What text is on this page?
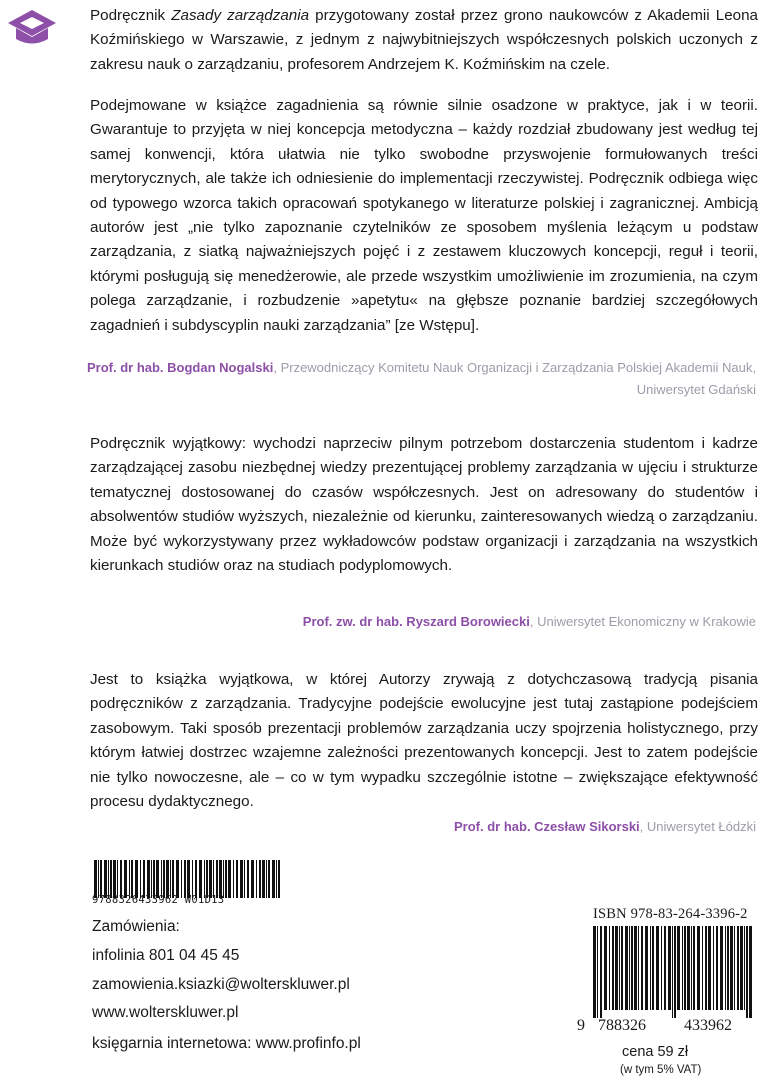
Podręcznik Zasady zarządzania przygotowany został przez grono naukowców z Akademii Leona Koźmińskiego w Warszawie, z jednym z najwybitniejszych współczesnych polskich uczonych z zakresu nauk o zarządzaniu, profesorem Andrzejem K. Koźmińskim na czele.

Podejmowane w książce zagadnienia są równie silnie osadzone w praktyce, jak i w teorii. Gwarantuje to przyjęta w niej koncepcja metodyczna – każdy rozdział zbudowany jest według tej samej konwencji, która ułatwia nie tylko swobodne przyswojenie formułowanych treści merytorycznych, ale także ich odniesienie do implementacji rzeczywistej. Podręcznik odbiega więc od typowego wzorca takich opracowań spotykanego w literaturze polskiej i zagranicznej. Ambicją autorów jest „nie tylko zapoznanie czytelników ze sposobem myślenia leżącym u podstaw zarządzania, z siatką najważniejszych pojęć i z zestawem kluczowych koncepcji, reguł i teorii, którymi posługują się menedżerowie, ale przede wszystkim umożliwienie im zrozumienia, na czym polega zarządzanie, i rozbudzenie »apetytu« na głębsze poznanie bardziej szczegółowych zagadnień i subdyscyplin nauki zarządzania” [ze Wstępu].

Prof. dr hab. Bogdan Nogalski, Przewodniczący Komitetu Nauk Organizacji i Zarządzania Polskiej Akademii Nauk, Uniwersytet Gdański

Podręcznik wyjątkowy: wychodzi naprzeciw pilnym potrzebom dostarczenia studentom i kadrze zarządzającej zasobu niezbędnej wiedzy prezentującej problemy zarządzania w ujęciu i strukturze tematycznej dostosowanej do czasów współczesnych. Jest on adresowany do studentów i absolwentów studiów wyższych, niezależnie od kierunku, zainteresowanych wiedzą o zarządzaniu. Może być wykorzystywany przez wykładowców podstaw organizacji i zarządzania na wszystkich kierunkach studiów oraz na studiach podyplomowych.

Prof. zw. dr hab. Ryszard Borowiecki, Uniwersytet Ekonomiczny w Krakowie

Jest to książka wyjątkowa, w której Autorzy zrywają z dotychczasową tradycją pisania podręczników z zarządzania. Tradycyjne podejście ewolucyjne jest tutaj zastąpione podejściem zasobowym. Taki sposób prezentacji problemów zarządzania uczy spojrzenia holistycznego, przy którym łatwiej dostrzec wzajemne zależności prezentowanych koncepcji. Jest to zatem podejście nie tylko nowoczesne, ale – co w tym wypadku szczególnie istotne – zwiększające efektywność procesu dydaktycznego.

Prof. dr hab. Czesław Sikorski, Uniwersytet Łódzki
9788326433962 W01D13
Zamówienia:
infolinia 801 04 45 45
zamowienia.ksiazki@wolterskluwer.pl
www.wolterskluwer.pl
księgarnia internetowa: www.profinfo.pl
ISBN 978-83-264-3396-2
9 788326 433962
cena 59 zł
(w tym 5% VAT)
